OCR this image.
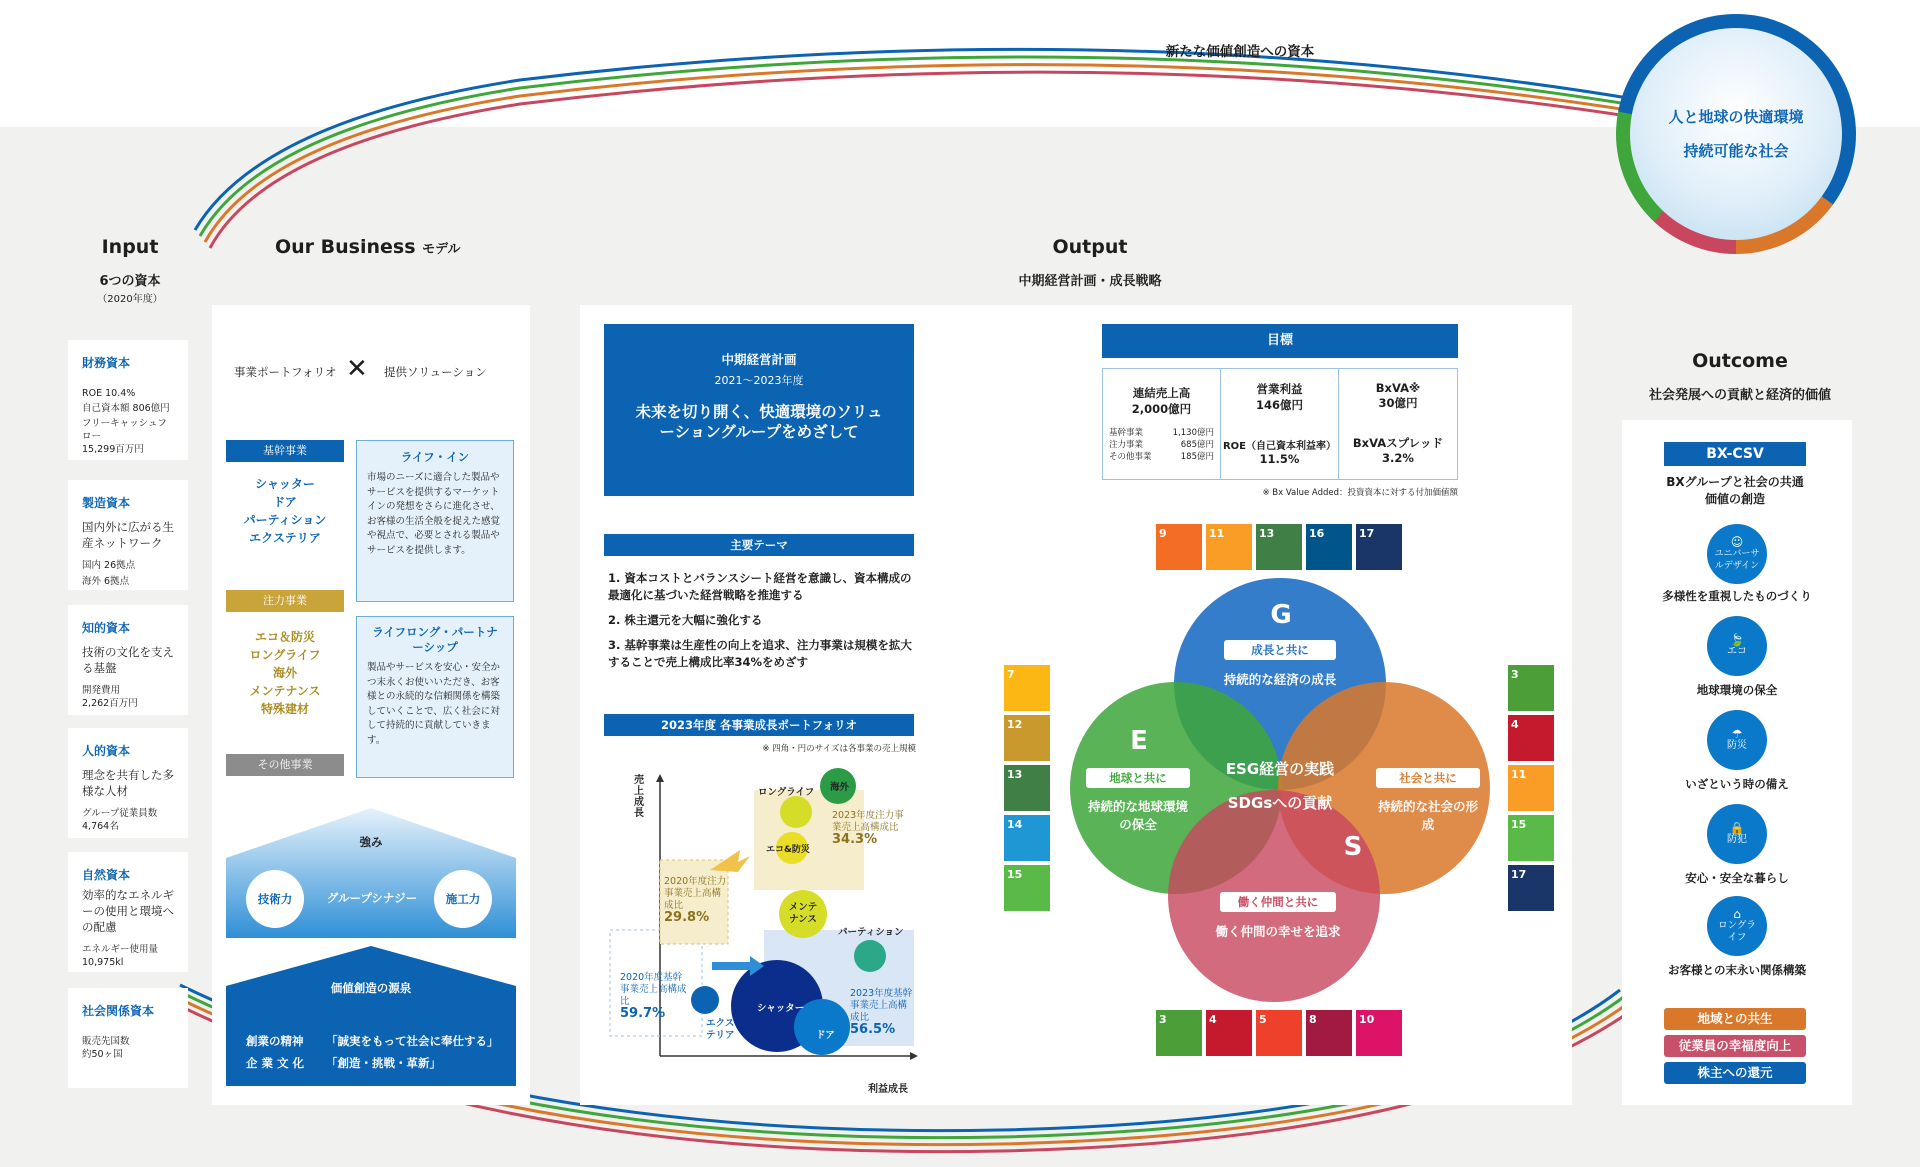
新たな価値創造への資本
人と地球の快適環境
持続可能な社会
Input
6つの資本
（2020年度）
財務資本
ROE 10.4%
自己資本額 806億円
フリーキャッシュフロー
15,299百万円
製造資本
国内外に広がる生産ネットワーク
国内 26拠点
海外 6拠点
知的資本
技術の文化を支える基盤
開発費用
2,262百万円
人的資本
理念を共有した多様な人材
グループ従業員数
4,764名
自然資本
効率的なエネルギーの使用と環境への配慮
エネルギー使用量
10,975kl
社会関係資本
販売先国数
約50ヶ国
Our Business モデル
事業ポートフォリオ ✕ 提供ソリューション
基幹事業
シャッター
ドア
パーティション
エクステリア
注力事業
エコ＆防災
ロングライフ
海外
メンテナンス
特殊建材
その他事業
ライフ・イン
市場のニーズに適合した製品やサービスを提供するマーケットインの発想をさらに進化させ、お客様の生活全般を捉えた感覚や視点で、必要とされる製品やサービスを提供します。
ライフロング・パートナーシップ
製品やサービスを安心・安全かつ末永くお使いいただき、お客様との永続的な信頼関係を構築していくことで、広く社会に対して持続的に貢献していきます。
強み
技術力	グループシナジー	施工力
価値創造の源泉
創業の精神 「誠実をもって社会に奉仕する」
企 業 文 化 「創造・挑戦・革新」
Output
中期経営計画・成長戦略
中期経営計画
2021〜2023年度
未来を切り開く、快適環境のソリューショングループをめざして
主要テーマ
1. 資本コストとバランスシート経営を意識し、資本構成の最適化に基づいた経営戦略を推進する
2. 株主還元を大幅に強化する
3. 基幹事業は生産性の向上を追求、注力事業は規模を拡大することで売上構成比率34%をめざす
2023年度 各事業成長ポートフォリオ
※ 四角・円のサイズは各事業の売上規模
売上成長
利益成長
ロングライフ 海外
エコ&防災
メンテナンス
パーティション
シャッター
ドア
エクステリア
2023年度注力事業売上高構成比
34.3%
2020年度注力事業売上高構成比
29.8%
2020年度基幹事業売上高構成比
59.7%
2023年度基幹事業売上高構成比
56.5%
目標
連結売上高
2,000億円
基幹事業	1,130億円
注力事業	685億円
その他事業	185億円
営業利益
146億円
ROE（自己資本利益率）
11.5%
BxVA※
30億円
BxVAスプレッド
3.2%
※ Bx Value Added：投資資本に対する付加価値額
9	11	13	16	17
7
12
13
14
15
3
4
11
15
17
3	4	5	8	10
G
成長と共に
持続的な経済の成長
E
地球と共に
持続的な地球環境の保全
社会と共に
持続的な社会の形成
S
ESG経営の実践
SDGsへの貢献
働く仲間と共に
働く仲間の幸せを追求
Outcome
社会発展への貢献と経済的価値
BX-CSV
BXグループと社会の共通価値の創造
☺
ユニバーサルデザイン
多様性を重視したものづくり
🍃
エコ
地球環境の保全
☂
防災
いざという時の備え
🔒
防犯
安心・安全な暮らし
⌂
ロングライフ
お客様との末永い関係構築
地域との共生
従業員の幸福度向上
株主への還元
